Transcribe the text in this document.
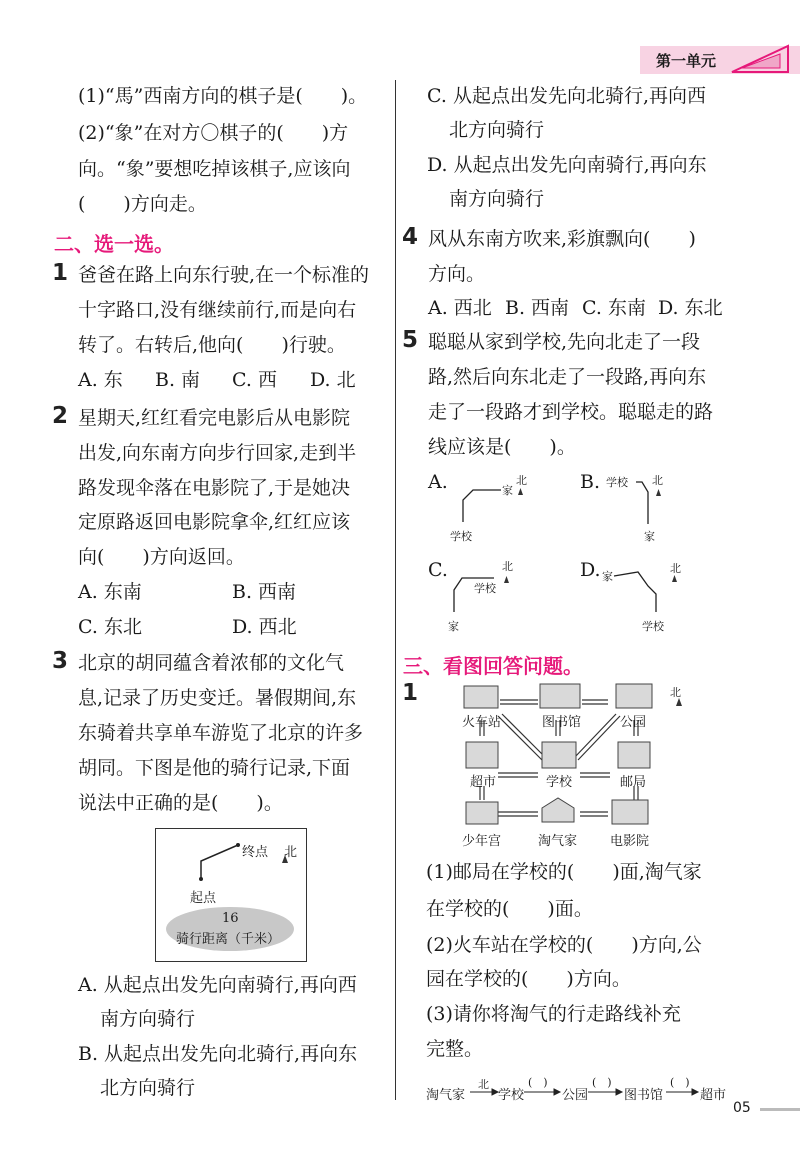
第一单元
(1)“馬”西南方向的棋子是(　　)。
(2)“象”在对方〇棋子的(　　)方
向。“象”要想吃掉该棋子,应该向
(　　)方向走。
二、选一选。
1 爸爸在路上向东行驶,在一个标准的
十字路口,没有继续前行,而是向右
转了。右转后,他向(　　)行驶。
A. 东 B. 南 C. 西 D. 北
2 星期天,红红看完电影后从电影院
出发,向东南方向步行回家,走到半
路发现伞落在电影院了,于是她决
定原路返回电影院拿伞,红红应该
向(　　)方向返回。
A. 东南	B. 西南
C. 东北	D. 西北
3 北京的胡同蕴含着浓郁的文化气
息,记录了历史变迁。暑假期间,东
东骑着共享单车游览了北京的许多
胡同。下图是他的骑行记录,下面
说法中正确的是(　　)。
终点 北
起点
16
骑行距离（千米）
A. 从起点出发先向南骑行,再向西
南方向骑行
B. 从起点出发先向北骑行,再向东
北方向骑行
C. 从起点出发先向北骑行,再向西
北方向骑行
D. 从起点出发先向南骑行,再向东
南方向骑行
4 风从东南方吹来,彩旗飘向(　　)
方向。
A. 西北 B. 西南 C. 东南 D. 东北
5 聪聪从家到学校,先向北走了一段
路,然后向东北走了一段路,再向东
走了一段路才到学校。聪聪走的路
线应该是(　　)。
A.	家
北
学校
B. 学校 北
家
C.	北
学校
家
D. 家
北
学校
三、看图回答问题。
1	北
火车站	图书馆	公园
超市	学校	邮局
少年宫	淘气家	电影院
(1)邮局在学校的(　　)面,淘气家
在学校的(　　)面。
(2)火车站在学校的(　　)方向,公
园在学校的(　　)方向。
(3)请你将淘气的行走路线补充
完整。
淘气家
北
学校
(　)
公园
(　)
图书馆
(　)
超市
05
